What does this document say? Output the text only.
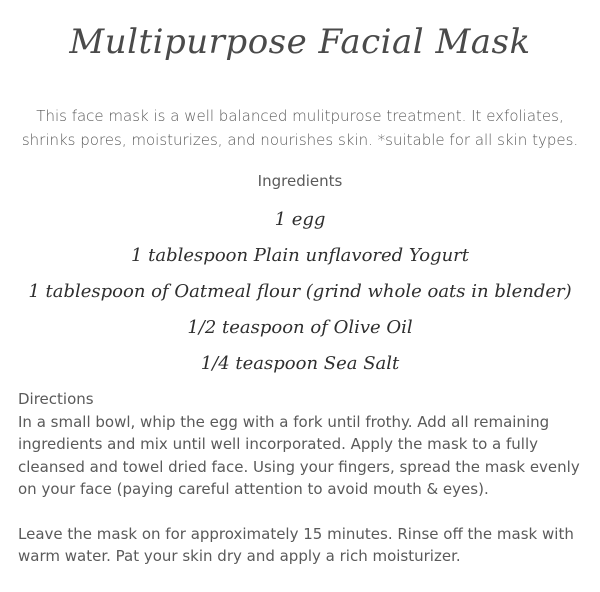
Multipurpose Facial Mask
This face mask is a well balanced mulitpurose treatment. It exfoliates, shrinks pores, moisturizes, and nourishes skin. *suitable for all skin types.
Ingredients
1 egg
1 tablespoon Plain unflavored Yogurt
1 tablespoon of Oatmeal flour (grind whole oats in blender)
1/2 teaspoon of Olive Oil
1/4 teaspoon Sea Salt

Directions

In a small bowl, whip the egg with a fork until frothy. Add all remaining ingredients and mix until well incorporated. Apply the mask to a fully cleansed and towel dried face. Using your fingers, spread the mask evenly on your face (paying careful attention to avoid mouth & eyes).

Leave the mask on for approximately 15 minutes. Rinse off the mask with warm water. Pat your skin dry and apply a rich moisturizer.
